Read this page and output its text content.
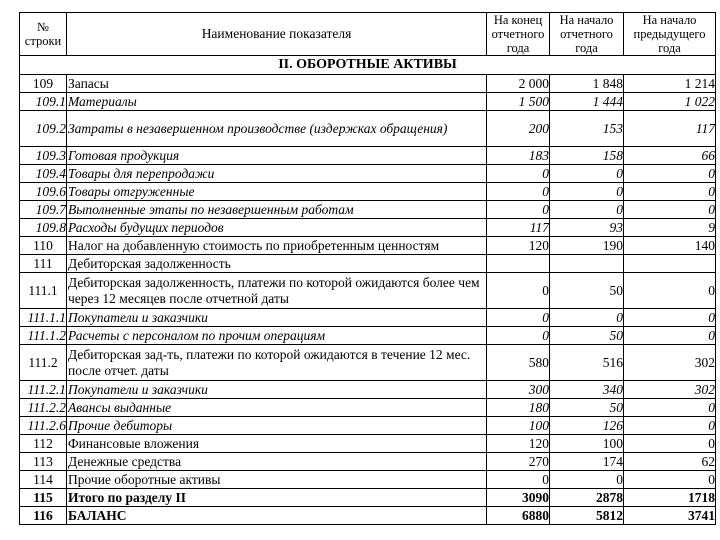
№ строки	Наименование показателя	На конец отчетного года	На начало отчетного года	На начало предыдущего года
II. ОБОРОТНЫЕ АКТИВЫ				
109	Запасы	2 000	1 848	1 214
109.1	Материалы	1 500	1 444	1 022
109.2	Затраты в незавершенном производстве (издержках обращения)	200	153	117
109.3	Готовая продукция	183	158	66
109.4	Товары для перепродажи	0	0	0
109.6	Товары отгруженные	0	0	0
109.7	Выполненные этапы по незавершенным работам	0	0	0
109.8	Расходы будущих периодов	117	93	9
110	Налог на добавленную стоимость по приобретенным ценностям	120	190	140
111	Дебиторская задолженность			
111.1	Дебиторская задолженность, платежи по которой ожидаются более чем через 12 месяцев после отчетной даты	0	50	0
111.1.1	Покупатели и заказчики	0	0	0
111.1.2	Расчеты с персоналом по прочим операциям	0	50	0
111.2	Дебиторская зад-ть, платежи по которой ожидаются в течение 12 мес. после отчет. даты	580	516	302
111.2.1	Покупатели и заказчики	300	340	302
111.2.2	Авансы выданные	180	50	0
111.2.6	Прочие дебиторы	100	126	0
112	Финансовые вложения	120	100	0
113	Денежные средства	270	174	62
114	Прочие оборотные активы	0	0	0
115	Итого по разделу II	3090	2878	1718
116	БАЛАНС	6880	5812	3741
